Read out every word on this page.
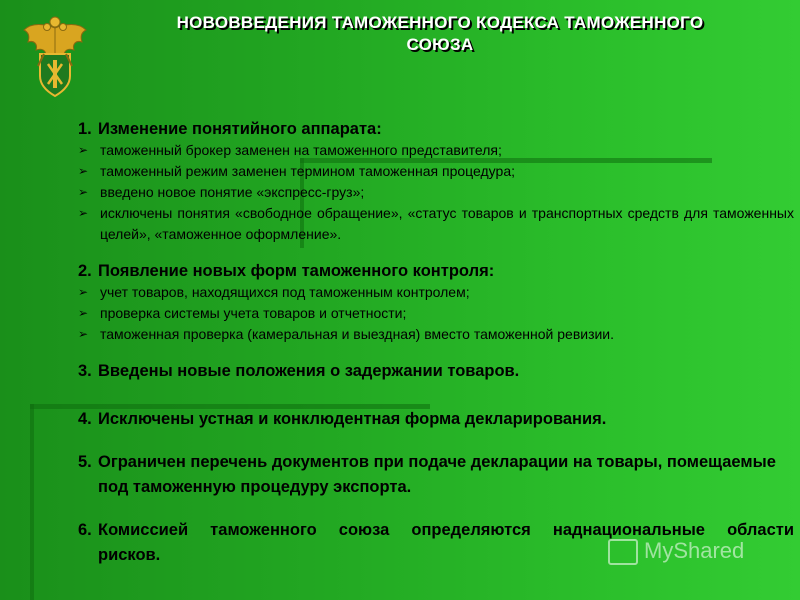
НОВОВВЕДЕНИЯ ТАМОЖЕННОГО КОДЕКСА ТАМОЖЕННОГО
СОЮЗА
1. Изменение понятийного аппарата:
➢ таможенный брокер заменен на таможенного представителя;
➢ таможенный режим заменен термином таможенная процедура;
➢ введено новое понятие «экспресс-груз»;
➢ исключены понятия «свободное обращение», «статус товаров и транспортных средств для таможенных целей», «таможенное оформление».
2. Появление новых форм таможенного контроля:
➢ учет товаров, находящихся под таможенным контролем;
➢ проверка системы учета товаров и отчетности;
➢ таможенная проверка (камеральная и выездная) вместо таможенной ревизии.
3. Введены новые положения о задержании товаров.
4. Исключены устная и конклюдентная форма декларирования.
5. Ограничен перечень документов при подаче декларации на товары, помещаемые под таможенную процедуру экспорта.
6. Комиссией таможенного союза определяются наднациональные области рисков.	MyShared
